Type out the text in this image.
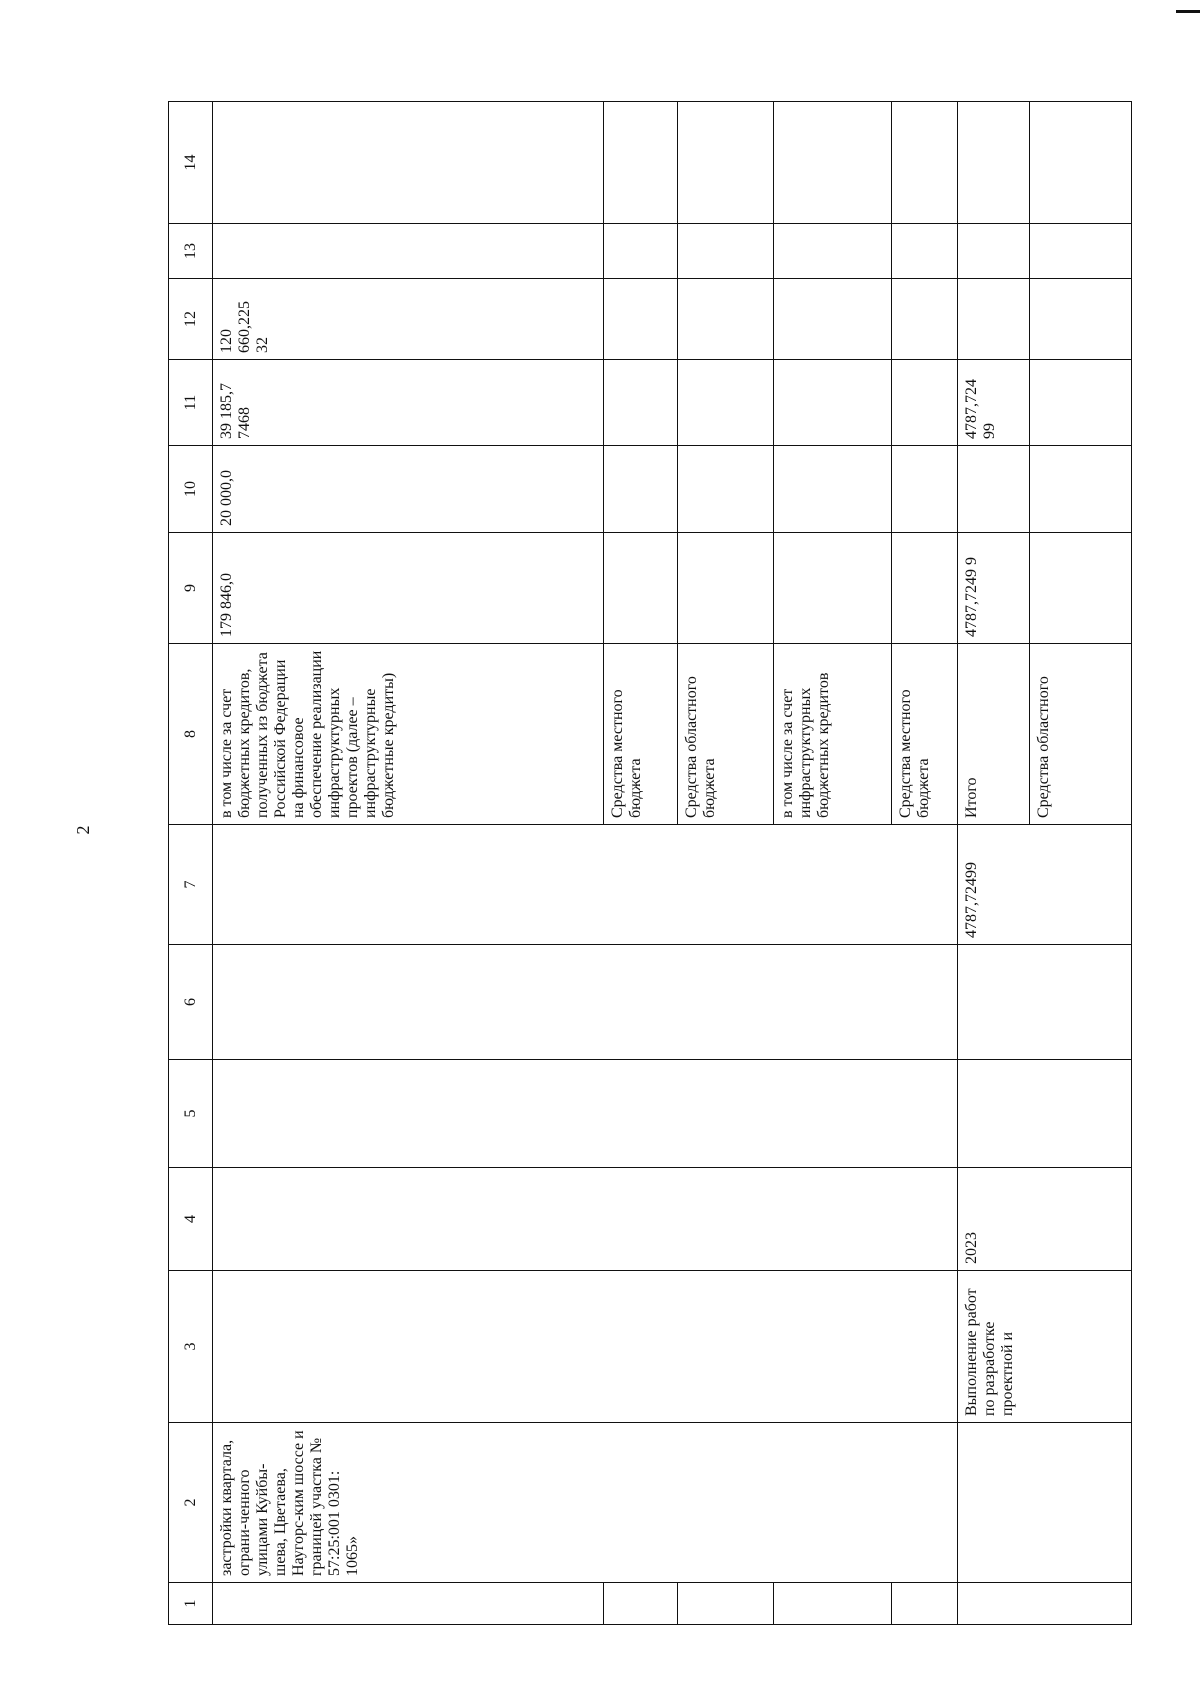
2
1	2	3	4	5	6	7	8	9	10	11	12	13	14
	застройки квартала, ограни-ченного улицами Куйбы-шева, Цветаева, Наугорс-ким шоссе и границей участка № 57:25:001 0301: 1065»						в том числе за счет бюджетных кредитов, полученных из бюджета Российской Федерации на финансовое обеспечение реализации инфраструктурных проектов (далее – инфраструктурные бюджетные кредиты)	179 846,0	20 000,0	39 185,7 7468	120 660,225 32		
							Средства местного бюджета						
							Средства областного бюджета						
							в том числе за счет инфраструктурных бюджетных кредитов						
							Средства местного бюджета						
		Выполнение работ по разработке проектной и	2023			4787,72499	Итого	4787,7249 9		4787,724 99			
							Средства областного						
